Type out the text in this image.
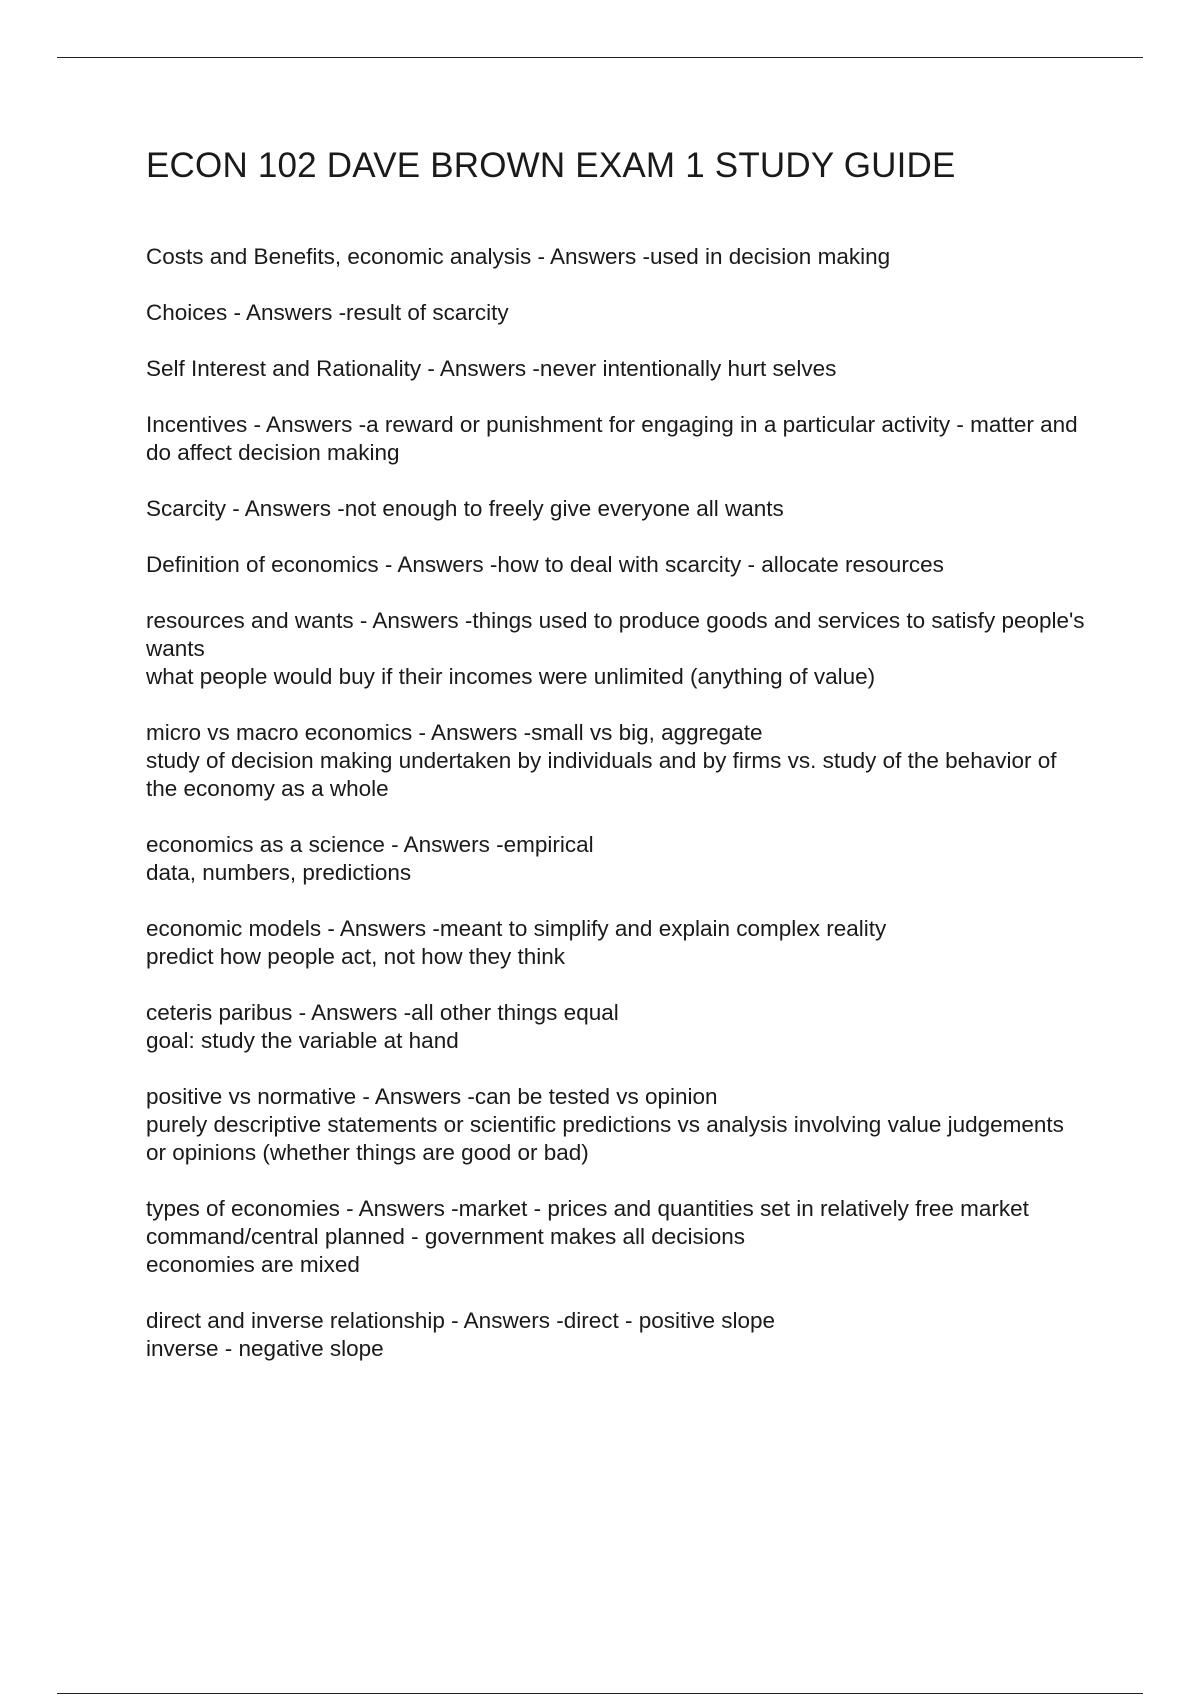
ECON 102 DAVE BROWN EXAM 1 STUDY GUIDE

Costs and Benefits, economic analysis - Answers -used in decision making

Choices - Answers -result of scarcity

Self Interest and Rationality - Answers -never intentionally hurt selves

Incentives - Answers -a reward or punishment for engaging in a particular activity - matter and do affect decision making

Scarcity - Answers -not enough to freely give everyone all wants

Definition of economics - Answers -how to deal with scarcity - allocate resources

resources and wants - Answers -things used to produce goods and services to satisfy people's wants
what people would buy if their incomes were unlimited (anything of value)

micro vs macro economics - Answers -small vs big, aggregate
study of decision making undertaken by individuals and by firms vs. study of the behavior of the economy as a whole

economics as a science - Answers -empirical
data, numbers, predictions

economic models - Answers -meant to simplify and explain complex reality
predict how people act, not how they think

ceteris paribus - Answers -all other things equal
goal: study the variable at hand

positive vs normative - Answers -can be tested vs opinion
purely descriptive statements or scientific predictions vs analysis involving value judgements or opinions (whether things are good or bad)

types of economies - Answers -market - prices and quantities set in relatively free market
command/central planned - government makes all decisions
economies are mixed

direct and inverse relationship - Answers -direct - positive slope
inverse - negative slope
